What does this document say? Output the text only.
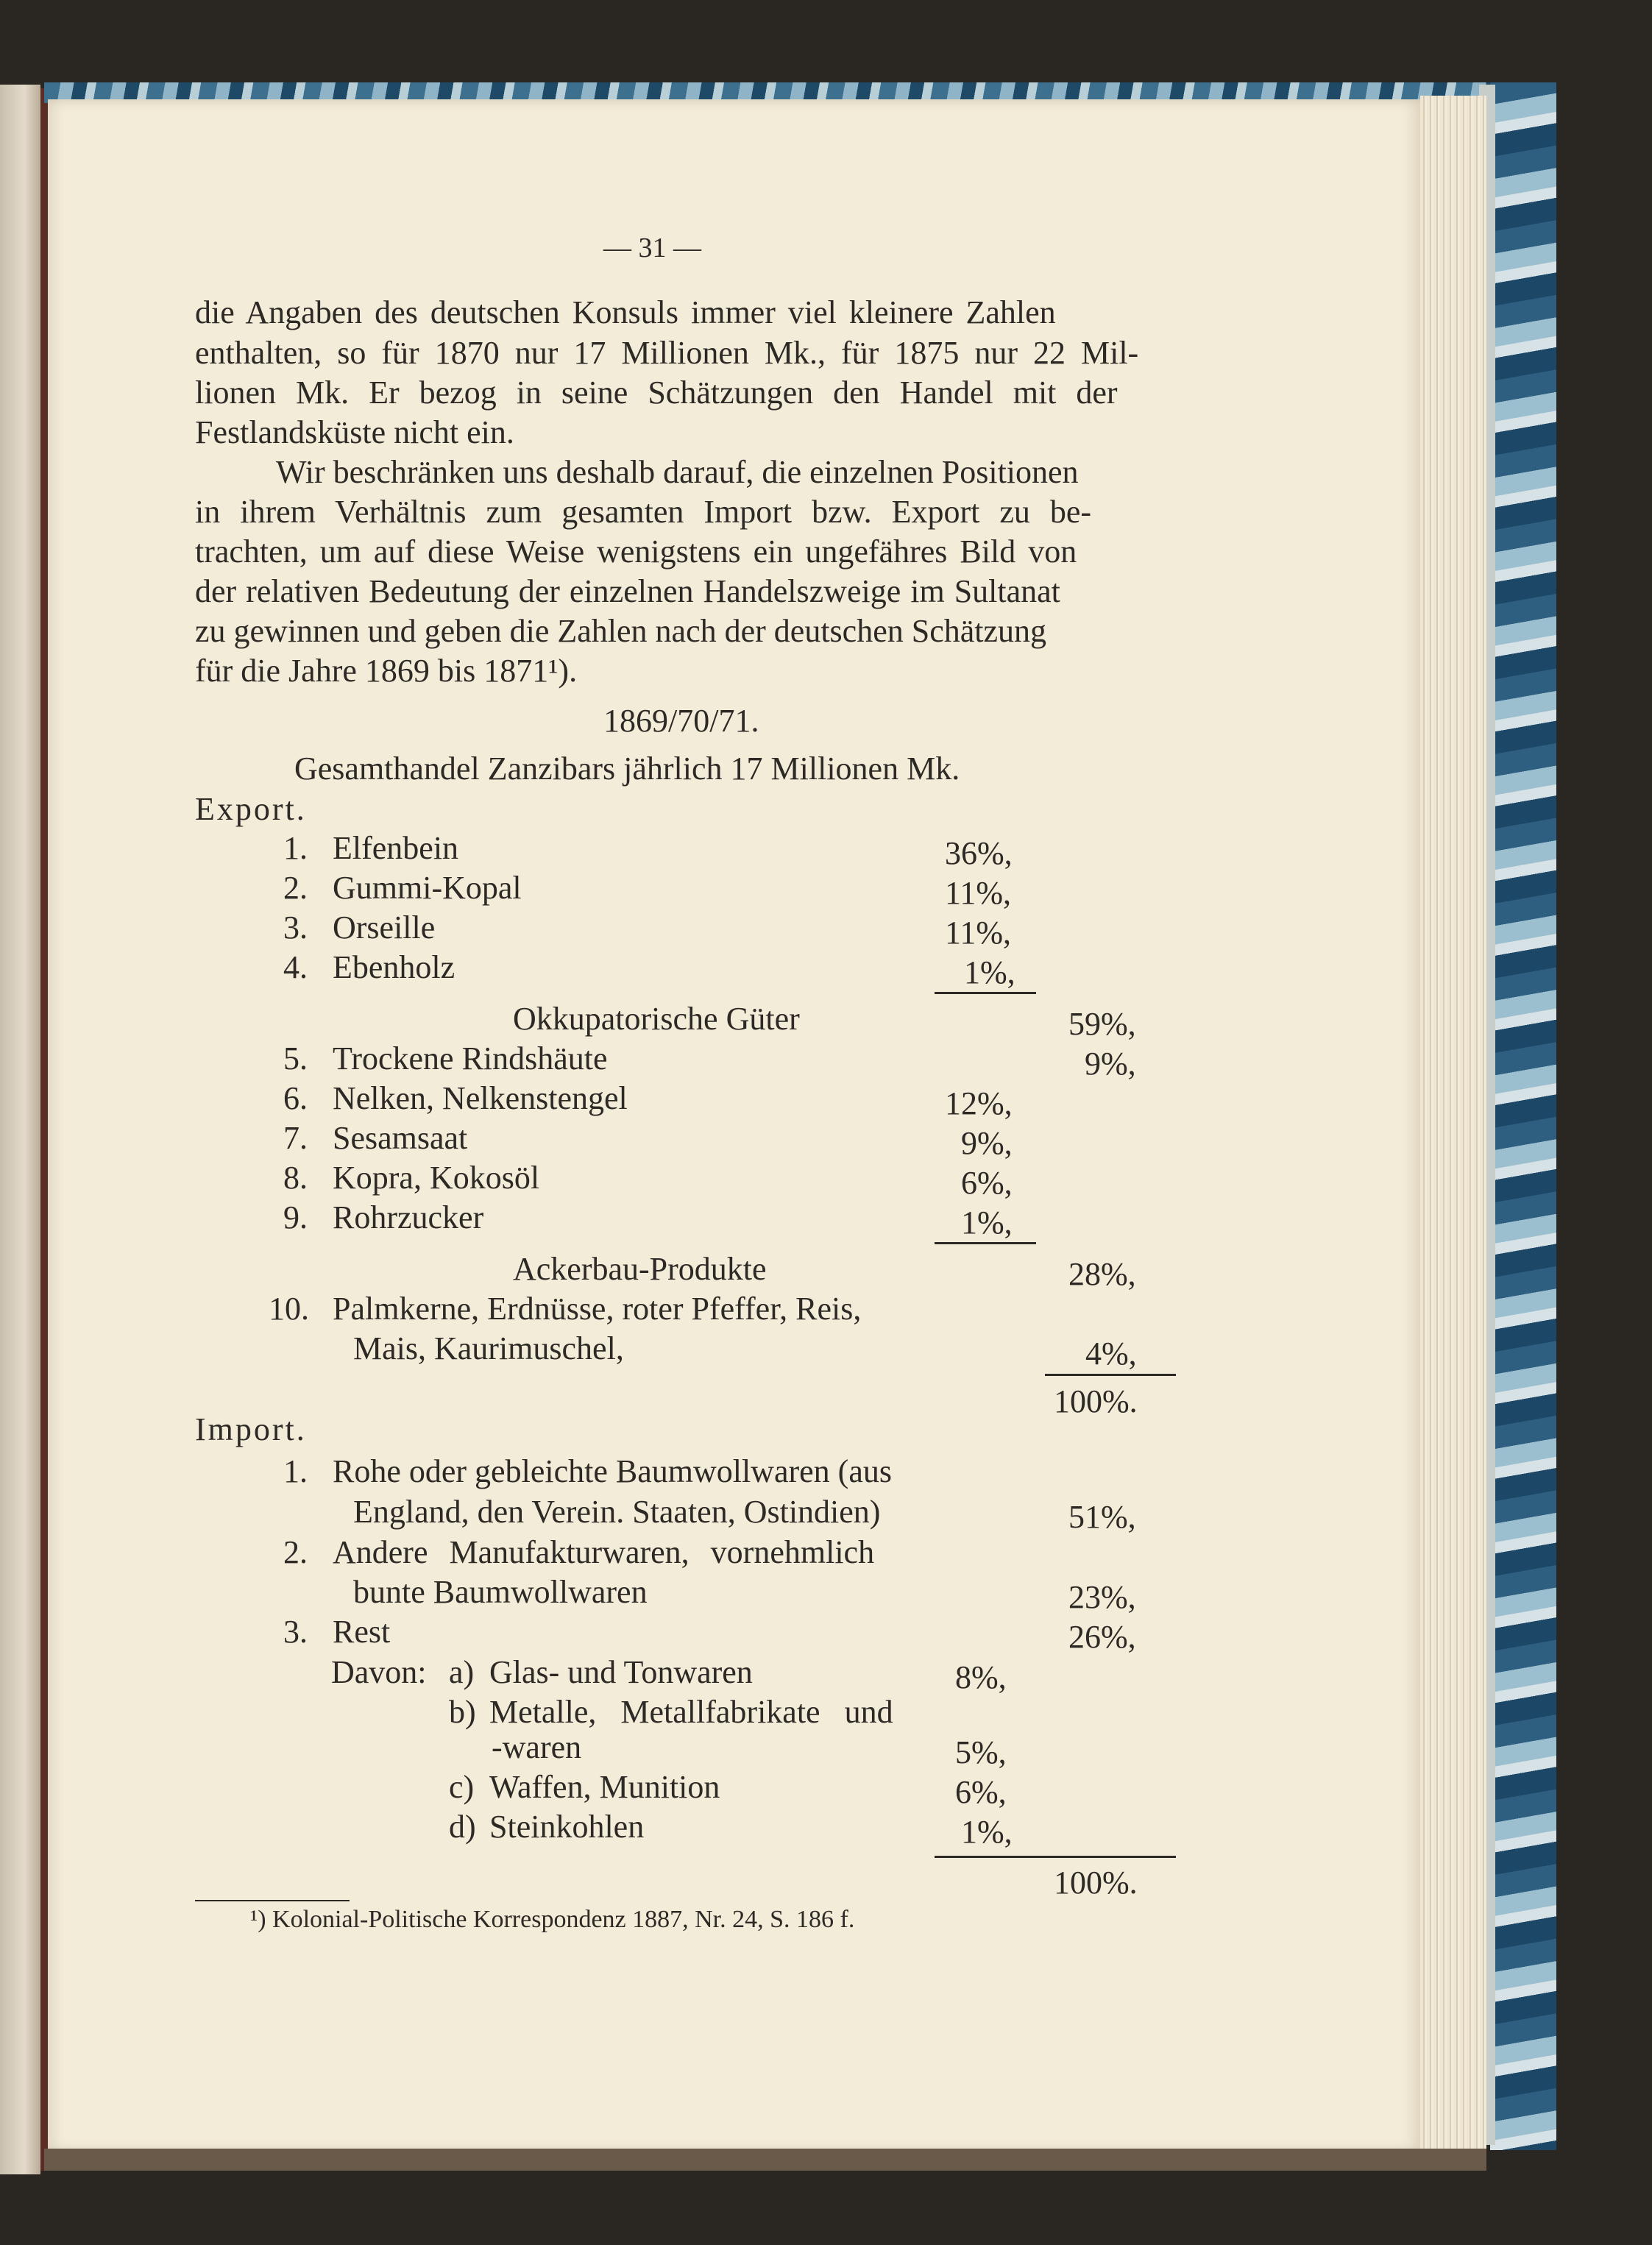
— 31 —
die Angaben des deutschen Konsuls immer viel kleinere Zahlen
enthalten, so für 1870 nur 17 Millionen Mk., für 1875 nur 22 Mil-
lionen Mk. Er bezog in seine Schätzungen den Handel mit der
Festlandsküste nicht ein.
Wir beschränken uns deshalb darauf, die einzelnen Positionen
in ihrem Verhältnis zum gesamten Import bzw. Export zu be-
trachten, um auf diese Weise wenigstens ein ungefähres Bild von
der relativen Bedeutung der einzelnen Handelszweige im Sultanat
zu gewinnen und geben die Zahlen nach der deutschen Schätzung
für die Jahre 1869 bis 1871¹).
1869/70/71.
Gesamthandel Zanzibars jährlich 17 Millionen Mk.
Export.
1. Elfenbein	36%,
2. Gummi-Kopal	11%,
3. Orseille	11%,
4. Ebenholz	1%,
Okkupatorische Güter	59%,
5. Trockene Rindshäute	9%,
6. Nelken, Nelkenstengel	12%,
7. Sesamsaat	9%,
8. Kopra, Kokosöl	6%,
9. Rohrzucker	1%,
Ackerbau-Produkte	28%,
10. Palmkerne, Erdnüsse, roter Pfeffer, Reis,
Mais, Kaurimuschel,	4%,
100%.
Import.
1. Rohe oder gebleichte Baumwollwaren (aus
England, den Verein. Staaten, Ostindien)	51%,
2. Andere Manufakturwaren, vornehmlich
bunte Baumwollwaren	23%,
3. Rest	26%,
Davon: a) Glas- und Tonwaren	8%,
b) Metalle, Metallfabrikate und
-waren	5%,
c) Waffen, Munition	6%,
d) Steinkohlen	1%,
100%.
¹) Kolonial-Politische Korrespondenz 1887, Nr. 24, S. 186 f.
